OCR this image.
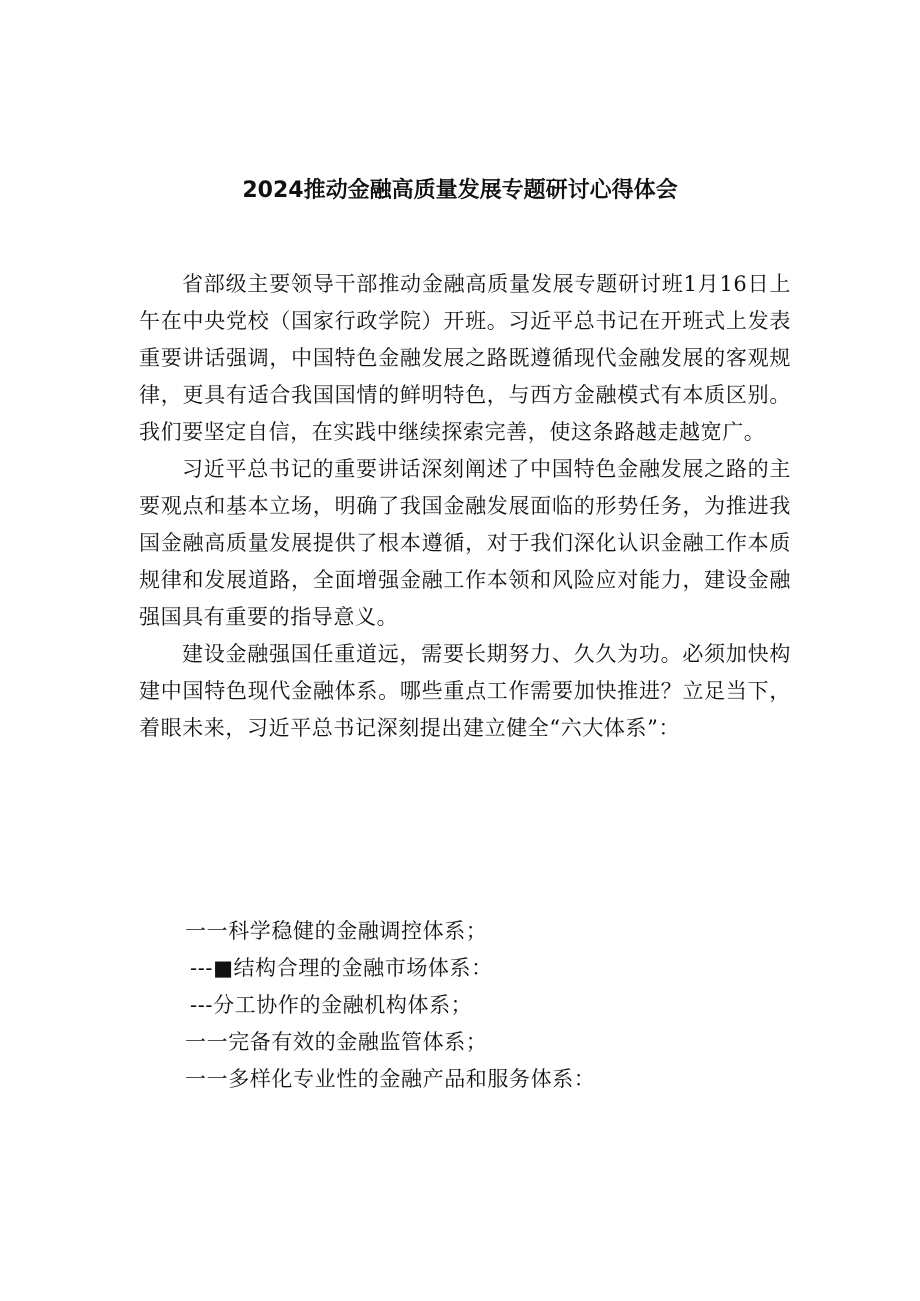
2024推动金融高质量发展专题研讨心得体会

省部级主要领导干部推动金融高质量发展专题研讨班1月16日上午在中央党校（国家行政学院）开班。习近平总书记在开班式上发表重要讲话强调，中国特色金融发展之路既遵循现代金融发展的客观规律，更具有适合我国国情的鲜明特色，与西方金融模式有本质区别。我们要坚定自信，在实践中继续探索完善，使这条路越走越宽广。

习近平总书记的重要讲话深刻阐述了中国特色金融发展之路的主要观点和基本立场，明确了我国金融发展面临的形势任务，为推进我国金融高质量发展提供了根本遵循，对于我们深化认识金融工作本质规律和发展道路，全面增强金融工作本领和风险应对能力，建设金融强国具有重要的指导意义。

建设金融强国任重道远，需要长期努力、久久为功。必须加快构建中国特色现代金融体系。哪些重点工作需要加快推进？立足当下，着眼未来，习近平总书记深刻提出建立健全“六大体系”：

一一科学稳健的金融调控体系；
---■结构合理的金融市场体系：
---分工协作的金融机构体系；
一一完备有效的金融监管体系；
一一多样化专业性的金融产品和服务体系：
